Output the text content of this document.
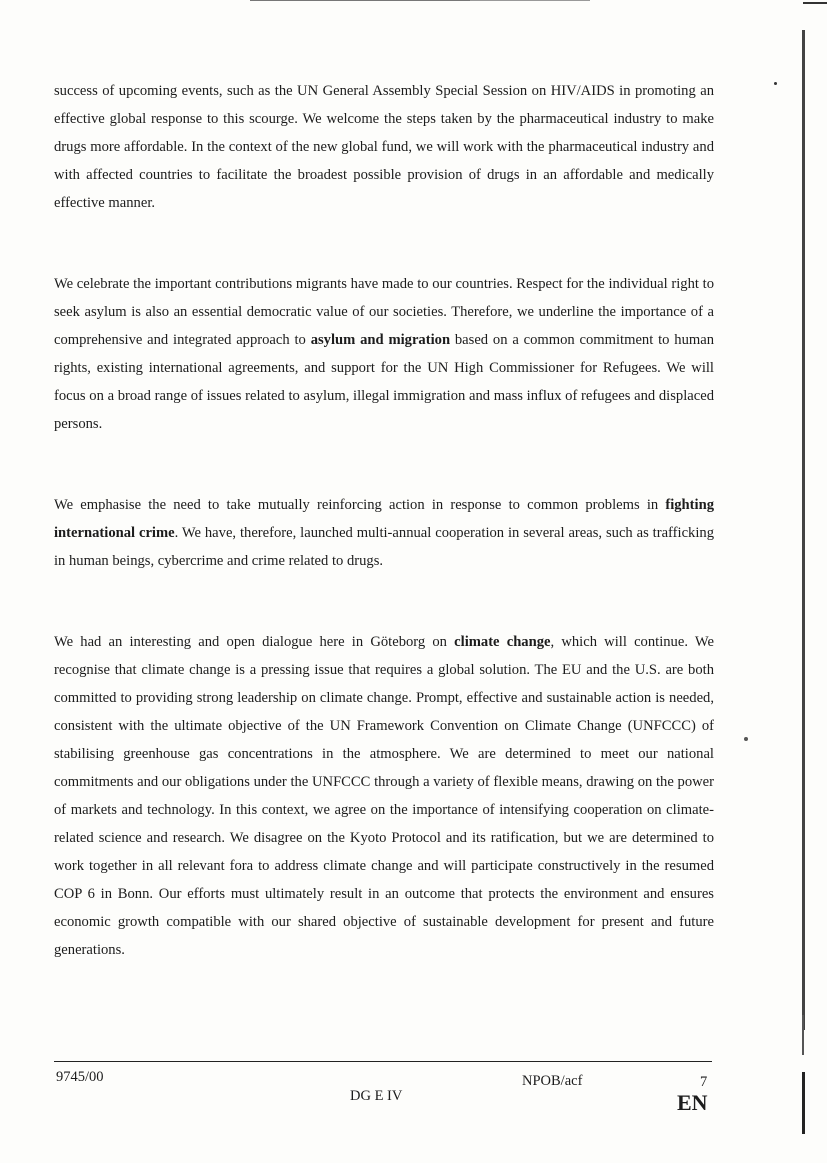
success of upcoming events, such as the UN General Assembly Special Session on HIV/AIDS in promoting an effective global response to this scourge. We welcome the steps taken by the pharmaceutical industry to make drugs more affordable. In the context of the new global fund, we will work with the pharmaceutical industry and with affected countries to facilitate the broadest possible provision of drugs in an affordable and medically effective manner.

We celebrate the important contributions migrants have made to our countries. Respect for the individual right to seek asylum is also an essential democratic value of our societies. Therefore, we underline the importance of a comprehensive and integrated approach to asylum and migration based on a common commitment to human rights, existing international agreements, and support for the UN High Commissioner for Refugees. We will focus on a broad range of issues related to asylum, illegal immigration and mass influx of refugees and displaced persons.

We emphasise the need to take mutually reinforcing action in response to common problems in fighting international crime. We have, therefore, launched multi-annual cooperation in several areas, such as trafficking in human beings, cybercrime and crime related to drugs.

We had an interesting and open dialogue here in Göteborg on climate change, which will continue. We recognise that climate change is a pressing issue that requires a global solution. The EU and the U.S. are both committed to providing strong leadership on climate change. Prompt, effective and sustainable action is needed, consistent with the ultimate objective of the UN Framework Convention on Climate Change (UNFCCC) of stabilising greenhouse gas concentrations in the atmosphere. We are determined to meet our national commitments and our obligations under the UNFCCC through a variety of flexible means, drawing on the power of markets and technology. In this context, we agree on the importance of intensifying cooperation on climate-related science and research. We disagree on the Kyoto Protocol and its ratification, but we are determined to work together in all relevant fora to address climate change and will participate constructively in the resumed COP 6 in Bonn. Our efforts must ultimately result in an outcome that protects the environment and ensures economic growth compatible with our shared objective of sustainable development for present and future generations.

9745/00
DG E IV
NPOB/acf	7
EN
